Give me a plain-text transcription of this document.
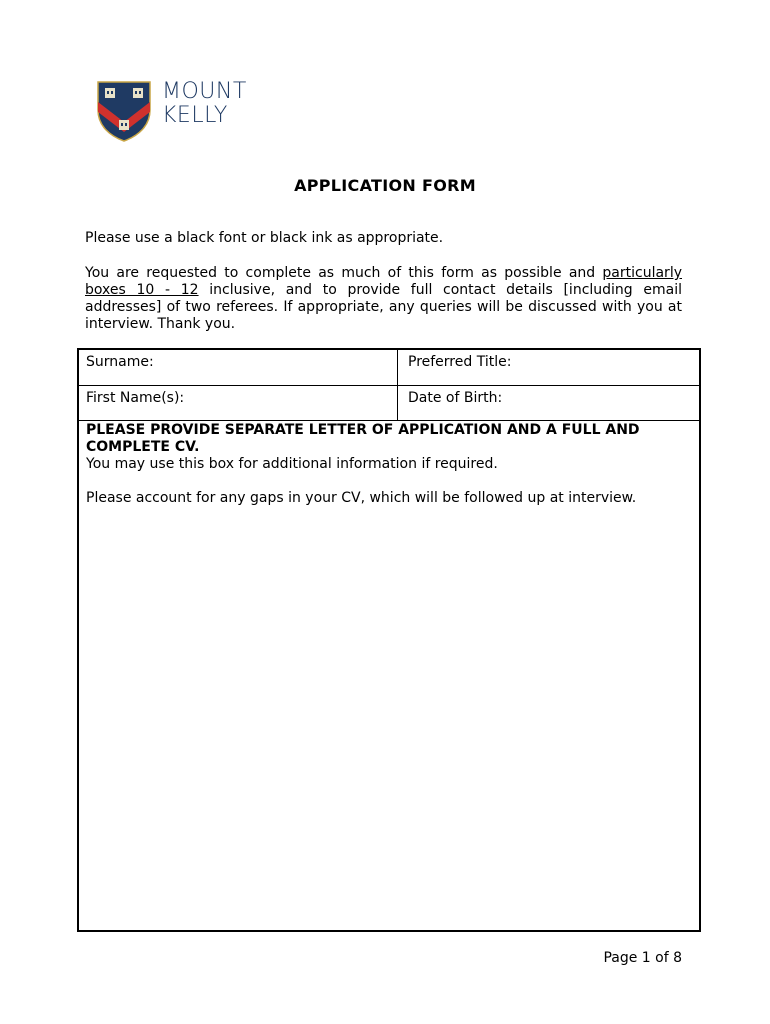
MOUNT
KELLY
APPLICATION FORM
Please use a black font or black ink as appropriate.
You are requested to complete as much of this form as possible and particularly boxes 10 - 12 inclusive, and to provide full contact details [including email addresses] of two referees. If appropriate, any queries will be discussed with you at interview. Thank you.
Surname:	Preferred Title:
First Name(s):	Date of Birth:
PLEASE PROVIDE SEPARATE LETTER OF APPLICATION AND A FULL AND COMPLETE CV.
You may use this box for additional information if required.
Please account for any gaps in your CV, which will be followed up at interview.
Page 1 of 8
